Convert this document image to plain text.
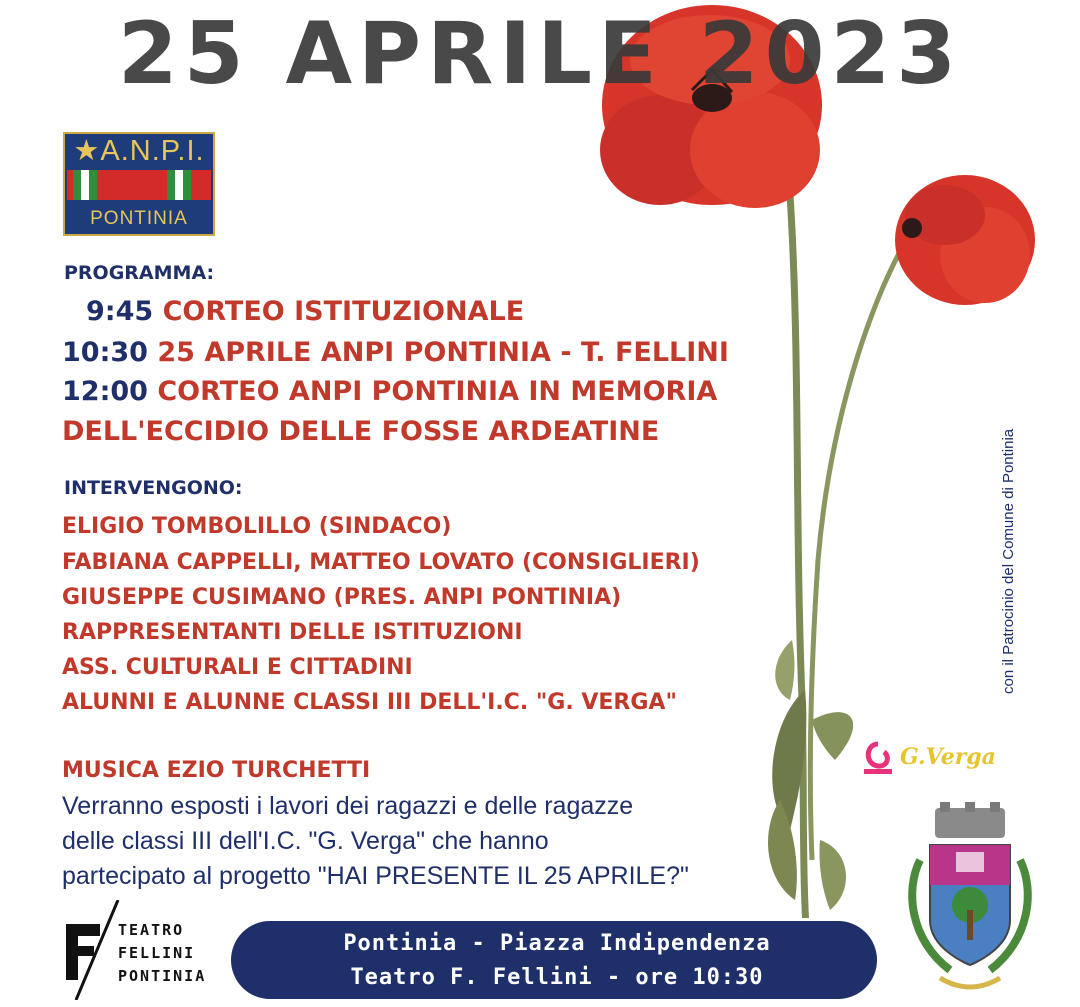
25 APRILE 2023
★A.N.P.I.
PONTINIA
PROGRAMMA:
9:45 CORTEO ISTITUZIONALE
10:30 25 APRILE ANPI PONTINIA - T. FELLINI
12:00 CORTEO ANPI PONTINIA IN MEMORIA
DELL'ECCIDIO DELLE FOSSE ARDEATINE
INTERVENGONO:
ELIGIO TOMBOLILLO (SINDACO)
FABIANA CAPPELLI, MATTEO LOVATO (CONSIGLIERI)
GIUSEPPE CUSIMANO (PRES. ANPI PONTINIA)
RAPPRESENTANTI DELLE ISTITUZIONI
ASS. CULTURALI E CITTADINI
ALUNNI E ALUNNE CLASSI III DELL'I.C. "G. VERGA"
MUSICA EZIO TURCHETTI
Verranno esposti i lavori dei ragazzi e delle ragazze
delle classi III dell'I.C. "G. Verga" che hanno
partecipato al progetto "HAI PRESENTE IL 25 APRILE?"
con il Patrocinio del Comune di Pontinia
G.Verga
TEATRO
FELLINI
PONTINIA
Pontinia - Piazza Indipendenza
Teatro F. Fellini - ore 10:30
